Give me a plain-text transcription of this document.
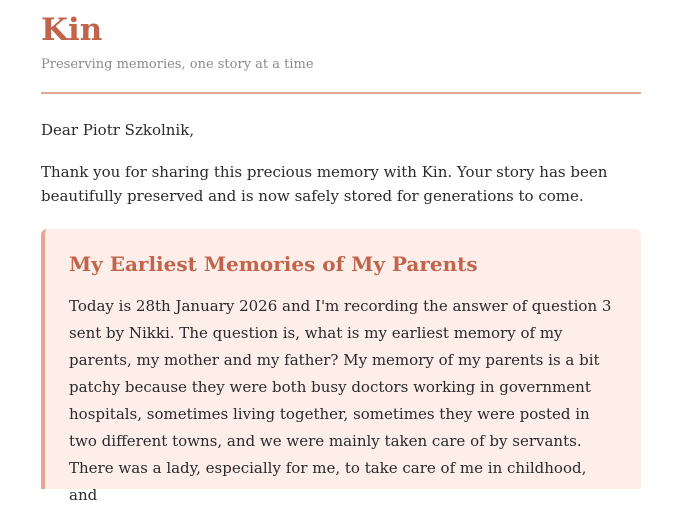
Kin
Preserving memories, one story at a time
Dear Piotr Szkolnik,
Thank you for sharing this precious memory with Kin. Your story has been beautifully preserved and is now safely stored for generations to come.
My Earliest Memories of My Parents
Today is 28th January 2026 and I'm recording the answer of question 3 sent by Nikki. The question is, what is my earliest memory of my parents, my mother and my father? My memory of my parents is a bit patchy because they were both busy doctors working in government hospitals, sometimes living together, sometimes they were posted in two different towns, and we were mainly taken care of by servants. There was a lady, especially for me, to take care of me in childhood, and
